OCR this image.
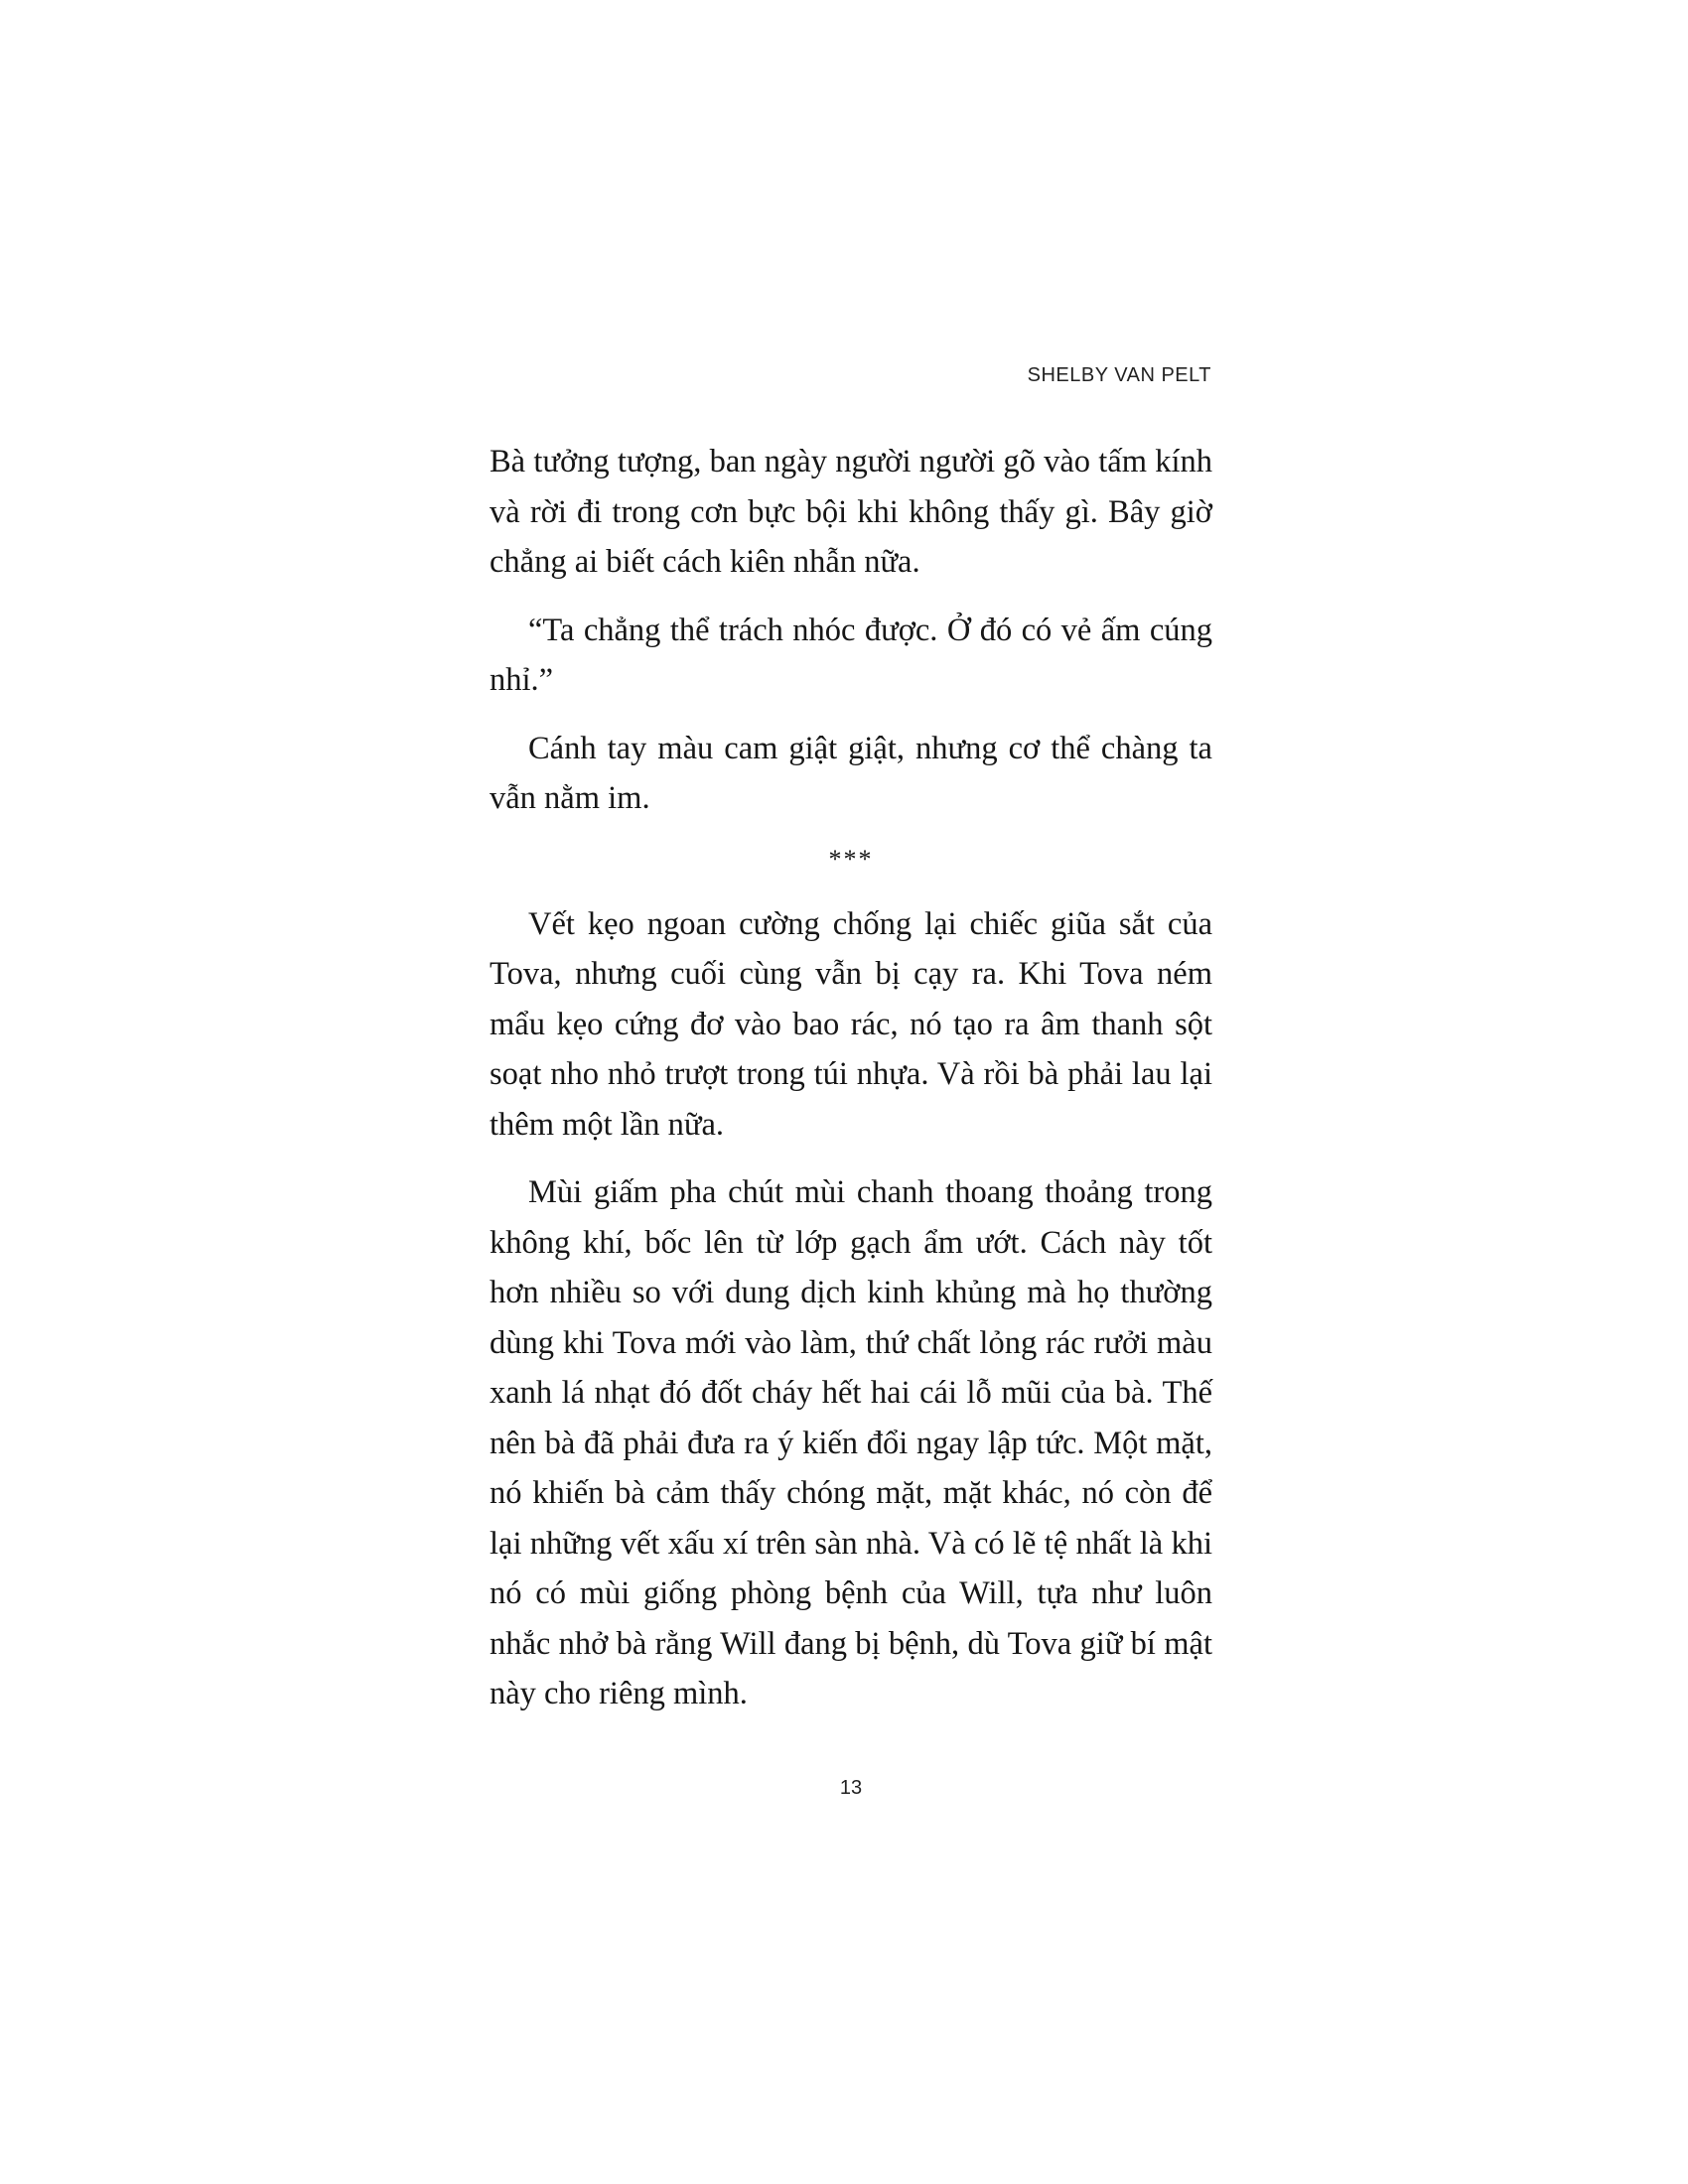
SHELBY VAN PELT

Bà tưởng tượng, ban ngày người người gõ vào tấm kính và rời đi trong cơn bực bội khi không thấy gì. Bây giờ chẳng ai biết cách kiên nhẫn nữa.

“Ta chẳng thể trách nhóc được. Ở đó có vẻ ấm cúng nhỉ.”

Cánh tay màu cam giật giật, nhưng cơ thể chàng ta vẫn nằm im.

***

Vết kẹo ngoan cường chống lại chiếc giũa sắt của Tova, nhưng cuối cùng vẫn bị cạy ra. Khi Tova ném mẩu kẹo cứng đơ vào bao rác, nó tạo ra âm thanh sột soạt nho nhỏ trượt trong túi nhựa. Và rồi bà phải lau lại thêm một lần nữa.

Mùi giấm pha chút mùi chanh thoang thoảng trong không khí, bốc lên từ lớp gạch ẩm ướt. Cách này tốt hơn nhiều so với dung dịch kinh khủng mà họ thường dùng khi Tova mới vào làm, thứ chất lỏng rác rưởi màu xanh lá nhạt đó đốt cháy hết hai cái lỗ mũi của bà. Thế nên bà đã phải đưa ra ý kiến đổi ngay lập tức. Một mặt, nó khiến bà cảm thấy chóng mặt, mặt khác, nó còn để lại những vết xấu xí trên sàn nhà. Và có lẽ tệ nhất là khi nó có mùi giống phòng bệnh của Will, tựa như luôn nhắc nhở bà rằng Will đang bị bệnh, dù Tova giữ bí mật này cho riêng mình.

13
